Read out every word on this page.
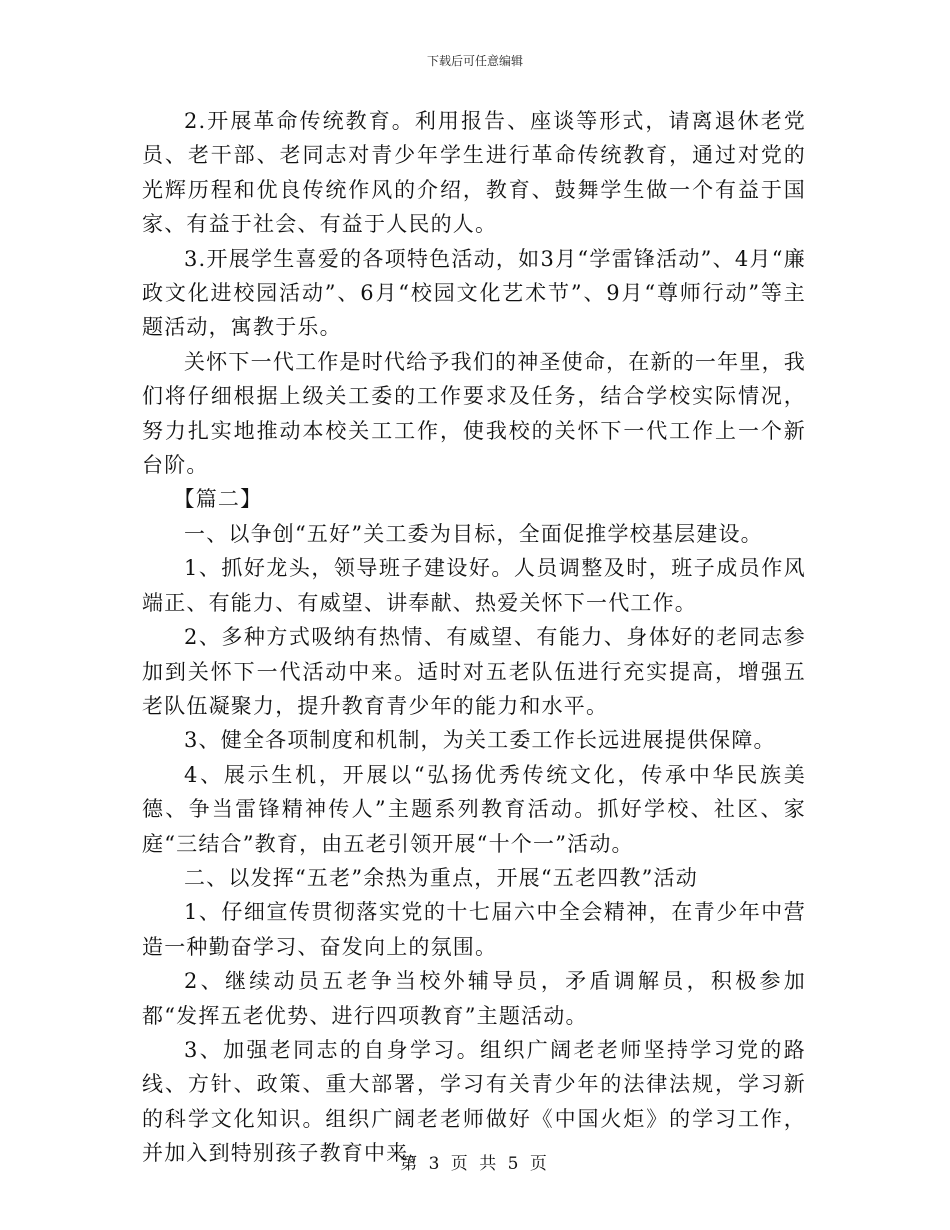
下载后可任意编辑

2.开展革命传统教育。利用报告、座谈等形式，请离退休老党员、老干部、老同志对青少年学生进行革命传统教育，通过对党的光辉历程和优良传统作风的介绍，教育、鼓舞学生做一个有益于国家、有益于社会、有益于人民的人。

3.开展学生喜爱的各项特色活动，如3月“学雷锋活动”、4月“廉政文化进校园活动”、6月“校园文化艺术节”、9月“尊师行动”等主题活动，寓教于乐。

关怀下一代工作是时代给予我们的神圣使命，在新的一年里，我们将仔细根据上级关工委的工作要求及任务，结合学校实际情况，努力扎实地推动本校关工工作，使我校的关怀下一代工作上一个新台阶。

【篇二】

一、以争创“五好”关工委为目标，全面促推学校基层建设。

1、抓好龙头，领导班子建设好。人员调整及时，班子成员作风端正、有能力、有威望、讲奉献、热爱关怀下一代工作。

2、多种方式吸纳有热情、有威望、有能力、身体好的老同志参加到关怀下一代活动中来。适时对五老队伍进行充实提高，增强五老队伍凝聚力，提升教育青少年的能力和水平。

3、健全各项制度和机制，为关工委工作长远进展提供保障。

4、展示生机，开展以“弘扬优秀传统文化，传承中华民族美德、争当雷锋精神传人”主题系列教育活动。抓好学校、社区、家庭“三结合”教育，由五老引领开展“十个一”活动。

二、以发挥“五老”余热为重点，开展“五老四教”活动

1、仔细宣传贯彻落实党的十七届六中全会精神，在青少年中营造一种勤奋学习、奋发向上的氛围。

2、继续动员五老争当校外辅导员，矛盾调解员，积极参加都“发挥五老优势、进行四项教育”主题活动。

3、加强老同志的自身学习。组织广阔老老师坚持学习党的路线、方针、政策、重大部署，学习有关青少年的法律法规，学习新的科学文化知识。组织广阔老老师做好《中国火炬》的学习工作，并加入到特别孩子教育中来。

第 3 页 共 5 页
